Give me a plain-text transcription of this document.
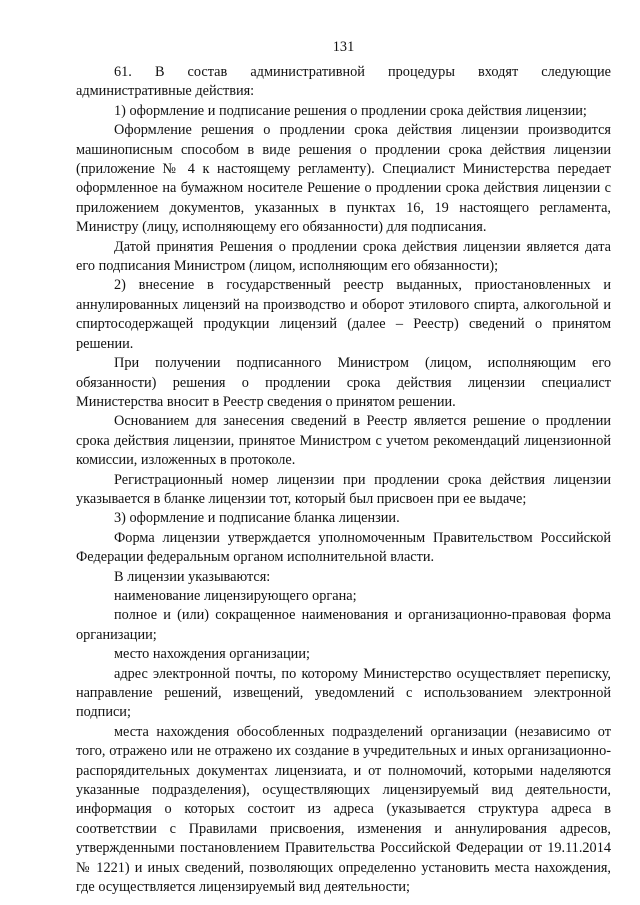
131

61. В состав административной процедуры входят следующие административные действия:

1) оформление и подписание решения о продлении срока действия лицензии;

Оформление решения о продлении срока действия лицензии производится машинописным способом в виде решения о продлении срока действия лицензии (приложение № 4 к настоящему регламенту). Специалист Министерства передает оформленное на бумажном носителе Решение о продлении срока действия лицензии с приложением документов, указанных в пунктах 16, 19 настоящего регламента, Министру (лицу, исполняющему его обязанности) для подписания.

Датой принятия Решения о продлении срока действия лицензии является дата его подписания Министром (лицом, исполняющим его обязанности);

2) внесение в государственный реестр выданных, приостановленных и аннулированных лицензий на производство и оборот этилового спирта, алкогольной и спиртосодержащей продукции лицензий (далее – Реестр) сведений о принятом решении.

При получении подписанного Министром (лицом, исполняющим его обязанности) решения о продлении срока действия лицензии специалист Министерства вносит в Реестр сведения о принятом решении.

Основанием для занесения сведений в Реестр является решение о продлении срока действия лицензии, принятое Министром с учетом рекомендаций лицензионной комиссии, изложенных в протоколе.

Регистрационный номер лицензии при продлении срока действия лицензии указывается в бланке лицензии тот, который был присвоен при ее выдаче;

3) оформление и подписание бланка лицензии.

Форма лицензии утверждается уполномоченным Правительством Российской Федерации федеральным органом исполнительной власти.

В лицензии указываются:

наименование лицензирующего органа;

полное и (или) сокращенное наименования и организационно-правовая форма организации;

место нахождения организации;

адрес электронной почты, по которому Министерство осуществляет переписку, направление решений, извещений, уведомлений с использованием электронной подписи;

места нахождения обособленных подразделений организации (независимо от того, отражено или не отражено их создание в учредительных и иных организационно-распорядительных документах лицензиата, и от полномочий, которыми наделяются указанные подразделения), осуществляющих лицензируемый вид деятельности, информация о которых состоит из адреса (указывается структура адреса в соответствии с Правилами присвоения, изменения и аннулирования адресов, утвержденными постановлением Правительства Российской Федерации от 19.11.2014 № 1221) и иных сведений, позволяющих определенно установить места нахождения, где осуществляется лицензируемый вид деятельности;
